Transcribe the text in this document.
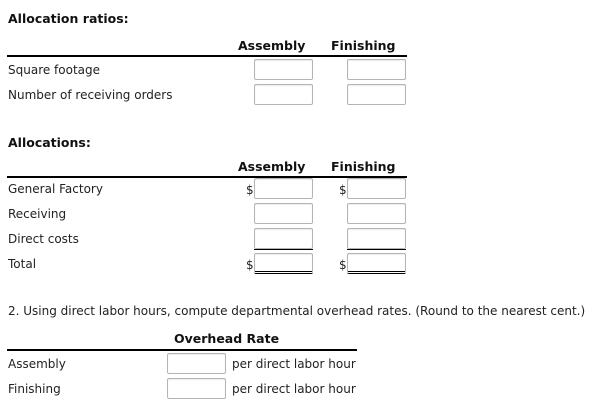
Allocation ratios:
Assembly Finishing
Square footage
Number of receiving orders
Allocations:
Assembly Finishing
General Factory	$	$
Receiving
Direct costs
Total	$	$
2. Using direct labor hours, compute departmental overhead rates. (Round to the nearest cent.)
Overhead Rate
Assembly	per direct labor hour
Finishing	per direct labor hour
